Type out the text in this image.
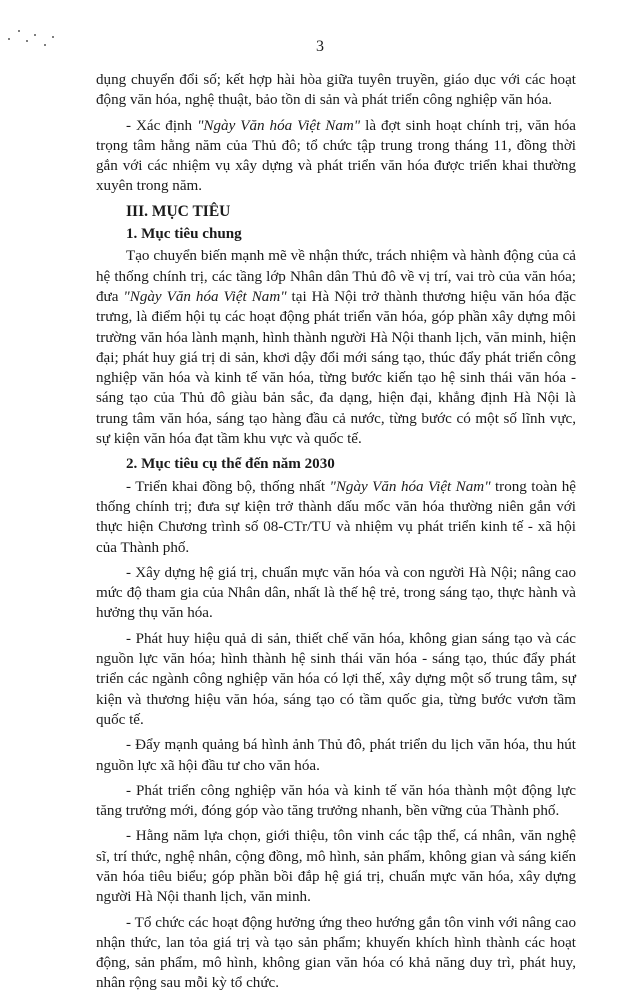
3

dụng chuyển đổi số; kết hợp hài hòa giữa tuyên truyền, giáo dục với các hoạt động văn hóa, nghệ thuật, bảo tồn di sản và phát triển công nghiệp văn hóa.

- Xác định "Ngày Văn hóa Việt Nam" là đợt sinh hoạt chính trị, văn hóa trọng tâm hằng năm của Thủ đô; tổ chức tập trung trong tháng 11, đồng thời gắn với các nhiệm vụ xây dựng và phát triển văn hóa được triển khai thường xuyên trong năm.

III. MỤC TIÊU
1. Mục tiêu chung

Tạo chuyển biến mạnh mẽ về nhận thức, trách nhiệm và hành động của cả hệ thống chính trị, các tầng lớp Nhân dân Thủ đô về vị trí, vai trò của văn hóa; đưa "Ngày Văn hóa Việt Nam" tại Hà Nội trở thành thương hiệu văn hóa đặc trưng, là điểm hội tụ các hoạt động phát triển văn hóa, góp phần xây dựng môi trường văn hóa lành mạnh, hình thành người Hà Nội thanh lịch, văn minh, hiện đại; phát huy giá trị di sản, khơi dậy đổi mới sáng tạo, thúc đẩy phát triển công nghiệp văn hóa và kinh tế văn hóa, từng bước kiến tạo hệ sinh thái văn hóa - sáng tạo của Thủ đô giàu bản sắc, đa dạng, hiện đại, khẳng định Hà Nội là trung tâm văn hóa, sáng tạo hàng đầu cả nước, từng bước có một số lĩnh vực, sự kiện văn hóa đạt tầm khu vực và quốc tế.

2. Mục tiêu cụ thể đến năm 2030

- Triển khai đồng bộ, thống nhất "Ngày Văn hóa Việt Nam" trong toàn hệ thống chính trị; đưa sự kiện trở thành dấu mốc văn hóa thường niên gắn với thực hiện Chương trình số 08-CTr/TU và nhiệm vụ phát triển kinh tế - xã hội của Thành phố.

- Xây dựng hệ giá trị, chuẩn mực văn hóa và con người Hà Nội; nâng cao mức độ tham gia của Nhân dân, nhất là thế hệ trẻ, trong sáng tạo, thực hành và hưởng thụ văn hóa.

- Phát huy hiệu quả di sản, thiết chế văn hóa, không gian sáng tạo và các nguồn lực văn hóa; hình thành hệ sinh thái văn hóa - sáng tạo, thúc đẩy phát triển các ngành công nghiệp văn hóa có lợi thế, xây dựng một số trung tâm, sự kiện và thương hiệu văn hóa, sáng tạo có tầm quốc gia, từng bước vươn tầm quốc tế.

- Đẩy mạnh quảng bá hình ảnh Thủ đô, phát triển du lịch văn hóa, thu hút nguồn lực xã hội đầu tư cho văn hóa.

- Phát triển công nghiệp văn hóa và kinh tế văn hóa thành một động lực tăng trưởng mới, đóng góp vào tăng trưởng nhanh, bền vững của Thành phố.

- Hằng năm lựa chọn, giới thiệu, tôn vinh các tập thể, cá nhân, văn nghệ sĩ, trí thức, nghệ nhân, cộng đồng, mô hình, sản phẩm, không gian và sáng kiến văn hóa tiêu biểu; góp phần bồi đắp hệ giá trị, chuẩn mực văn hóa, xây dựng người Hà Nội thanh lịch, văn minh.

- Tổ chức các hoạt động hưởng ứng theo hướng gắn tôn vinh với nâng cao nhận thức, lan tỏa giá trị và tạo sản phẩm; khuyến khích hình thành các hoạt động, sản phẩm, mô hình, không gian văn hóa có khả năng duy trì, phát huy, nhân rộng sau mỗi kỳ tổ chức.
